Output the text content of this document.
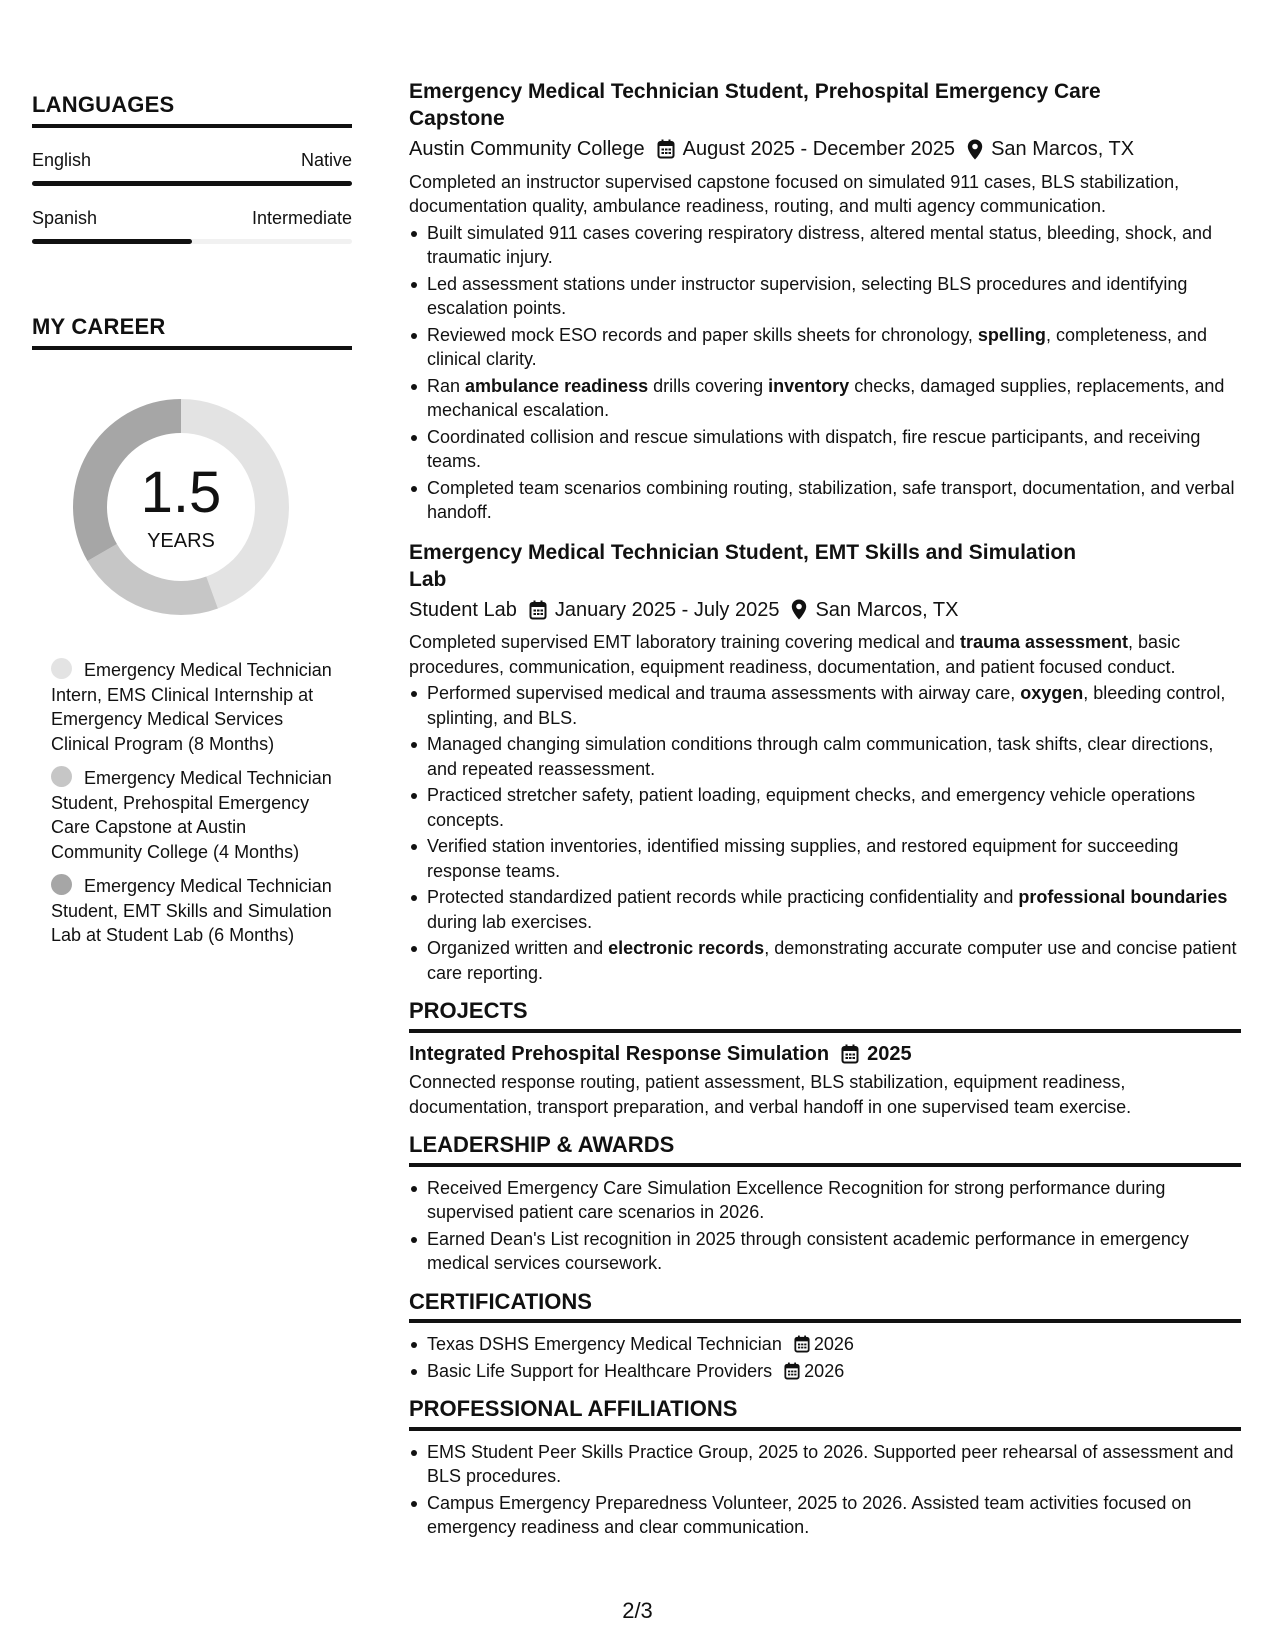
LANGUAGES
English	Native
Spanish	Intermediate
MY CAREER
1.5
YEARS
Emergency Medical Technician Intern, EMS Clinical Internship at Emergency Medical Services Clinical Program (8 Months)
Emergency Medical Technician Student, Prehospital Emergency Care Capstone at Austin Community College (4 Months)
Emergency Medical Technician Student, EMT Skills and Simulation Lab at Student Lab (6 Months)
Emergency Medical Technician Student, Prehospital Emergency Care Capstone
Austin Community College August 2025 - December 2025 San Marcos, TX
Completed an instructor supervised capstone focused on simulated 911 cases, BLS stabilization, documentation quality, ambulance readiness, routing, and multi agency communication.
Built simulated 911 cases covering respiratory distress, altered mental status, bleeding, shock, and traumatic injury.
Led assessment stations under instructor supervision, selecting BLS procedures and identifying escalation points.
Reviewed mock ESO records and paper skills sheets for chronology, spelling, completeness, and clinical clarity.
Ran ambulance readiness drills covering inventory checks, damaged supplies, replacements, and mechanical escalation.
Coordinated collision and rescue simulations with dispatch, fire rescue participants, and receiving teams.
Completed team scenarios combining routing, stabilization, safe transport, documentation, and verbal handoff.
Emergency Medical Technician Student, EMT Skills and Simulation Lab
Student Lab January 2025 - July 2025 San Marcos, TX
Completed supervised EMT laboratory training covering medical and trauma assessment, basic procedures, communication, equipment readiness, documentation, and patient focused conduct.
Performed supervised medical and trauma assessments with airway care, oxygen, bleeding control, splinting, and BLS.
Managed changing simulation conditions through calm communication, task shifts, clear directions, and repeated reassessment.
Practiced stretcher safety, patient loading, equipment checks, and emergency vehicle operations concepts.
Verified station inventories, identified missing supplies, and restored equipment for succeeding response teams.
Protected standardized patient records while practicing confidentiality and professional boundaries during lab exercises.
Organized written and electronic records, demonstrating accurate computer use and concise patient care reporting.
PROJECTS
Integrated Prehospital Response Simulation 2025
Connected response routing, patient assessment, BLS stabilization, equipment readiness, documentation, transport preparation, and verbal handoff in one supervised team exercise.
LEADERSHIP & AWARDS
Received Emergency Care Simulation Excellence Recognition for strong performance during supervised patient care scenarios in 2026.
Earned Dean's List recognition in 2025 through consistent academic performance in emergency medical services coursework.
CERTIFICATIONS
Texas DSHS Emergency Medical Technician 2026
Basic Life Support for Healthcare Providers 2026
PROFESSIONAL AFFILIATIONS
EMS Student Peer Skills Practice Group, 2025 to 2026. Supported peer rehearsal of assessment and BLS procedures.
Campus Emergency Preparedness Volunteer, 2025 to 2026. Assisted team activities focused on emergency readiness and clear communication.
2/3
